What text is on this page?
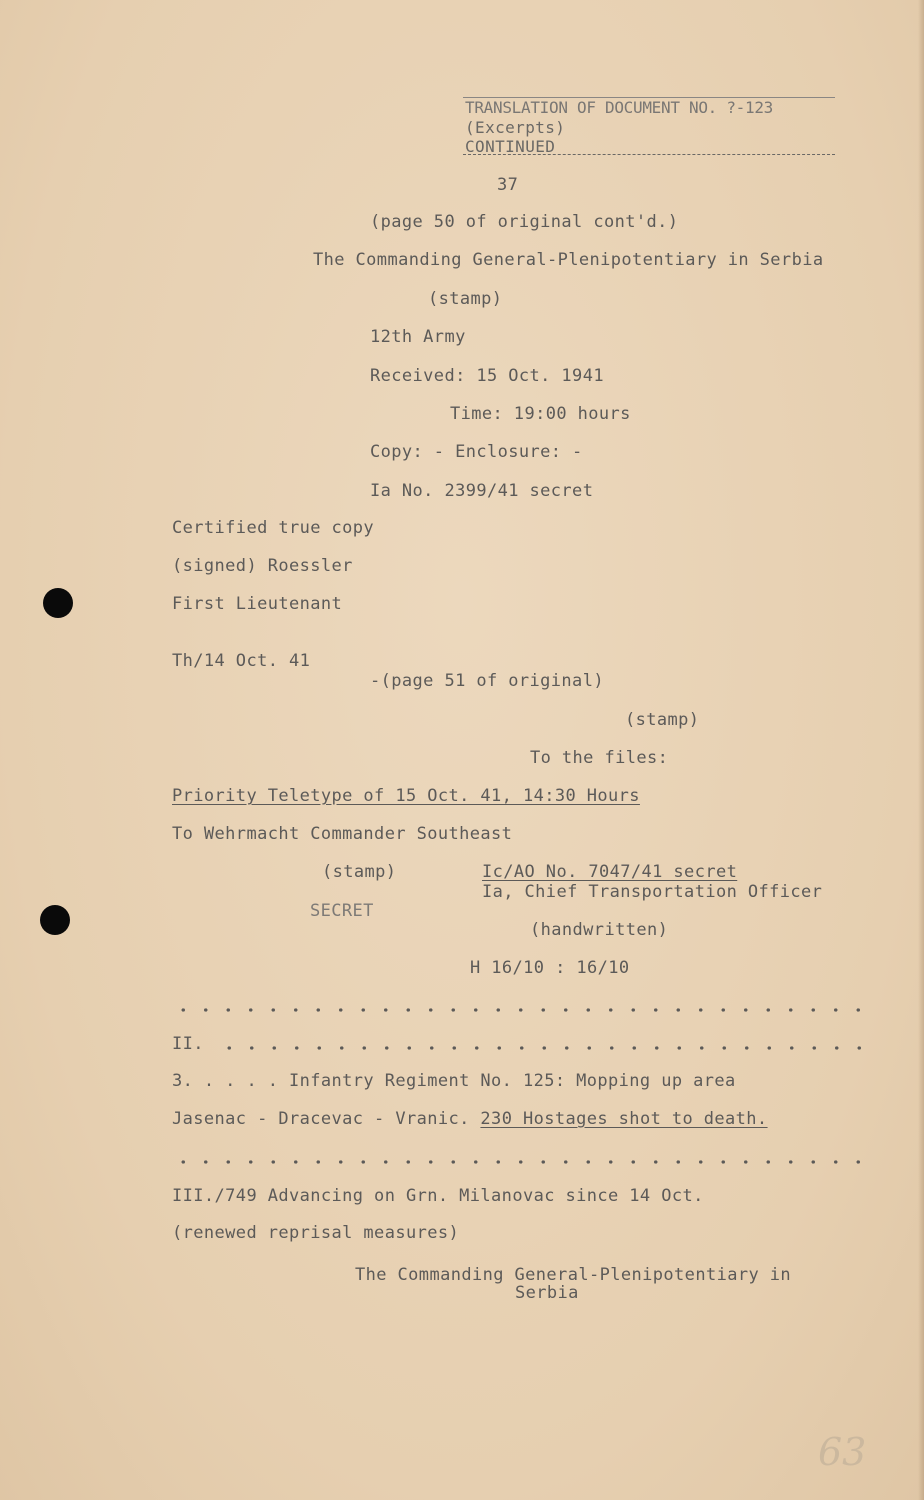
TRANSLATION OF DOCUMENT NO. ?-123
(Excerpts)
CONTINUED
37
(page 50 of original cont'd.)
The Commanding General-Plenipotentiary in Serbia
(stamp)
12th Army
Received: 15 Oct. 1941
Time: 19:00 hours
Copy: - Enclosure: -
Ia No. 2399/41 secret
Certified true copy
(signed) Roessler
First Lieutenant
Th/14 Oct. 41
-(page 51 of original)
(stamp)
To the files:
Priority Teletype of 15 Oct. 41, 14:30 Hours
To Wehrmacht Commander Southeast
(stamp)	Ic/AO No. 7047/41 secret
Ia, Chief Transportation Officer
SECRET
(handwritten)
H 16/10 : 16/10
II.
3. . . . . Infantry Regiment No. 125: Mopping up area
Jasenac - Dracevac - Vranic. 230 Hostages shot to death.
III./749 Advancing on Grn. Milanovac since 14 Oct.
(renewed reprisal measures)
The Commanding General-Plenipotentiary in
Serbia
63
